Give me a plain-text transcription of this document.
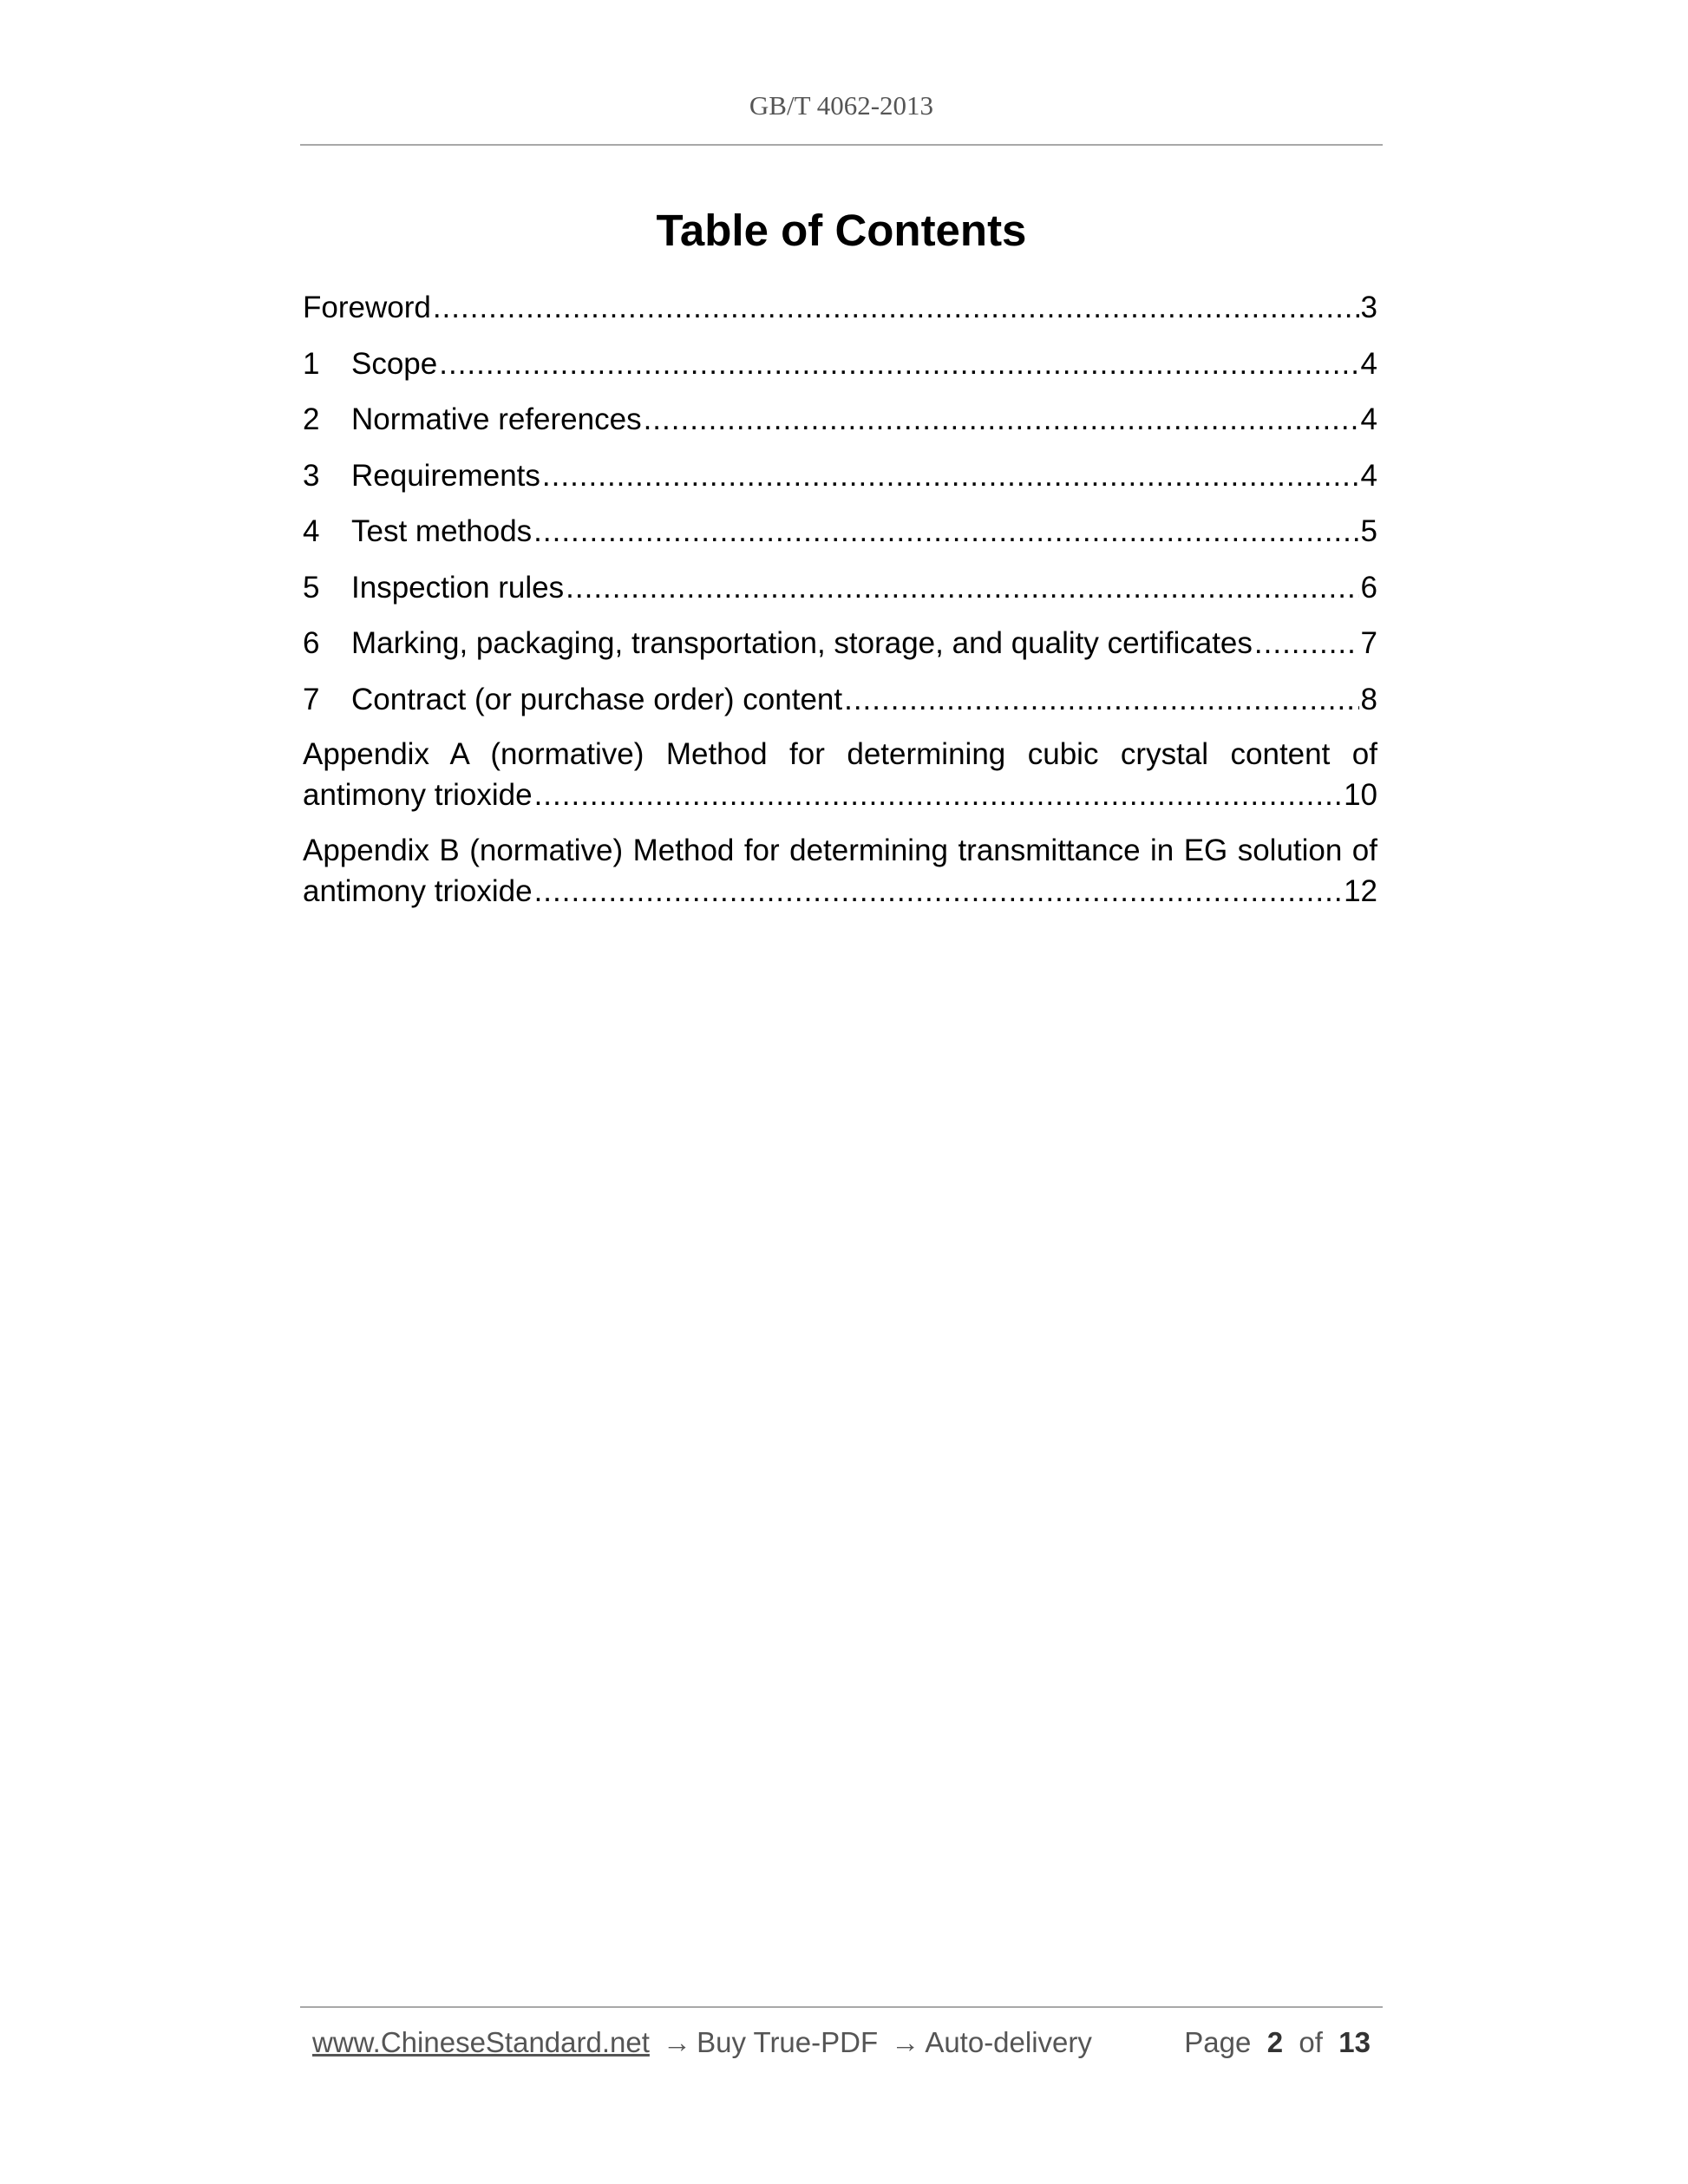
GB/T 4062-2013
Table of Contents
Foreword .....	3
1	Scope .....	4
2	Normative references .....	4
3	Requirements .....	4
4	Test methods .....	5
5	Inspection rules .....	6
6	Marking, packaging, transportation, storage, and quality certificates .....	7
7	Contract (or purchase order) content .....	8
Appendix A (normative) Method for determining cubic crystal content of
antimony trioxide .....	10
Appendix B (normative) Method for determining transmittance in EG solution of
antimony trioxide .....	12
www.ChineseStandard.net → Buy True-PDF → Auto-delivery	Page 2 of 13
